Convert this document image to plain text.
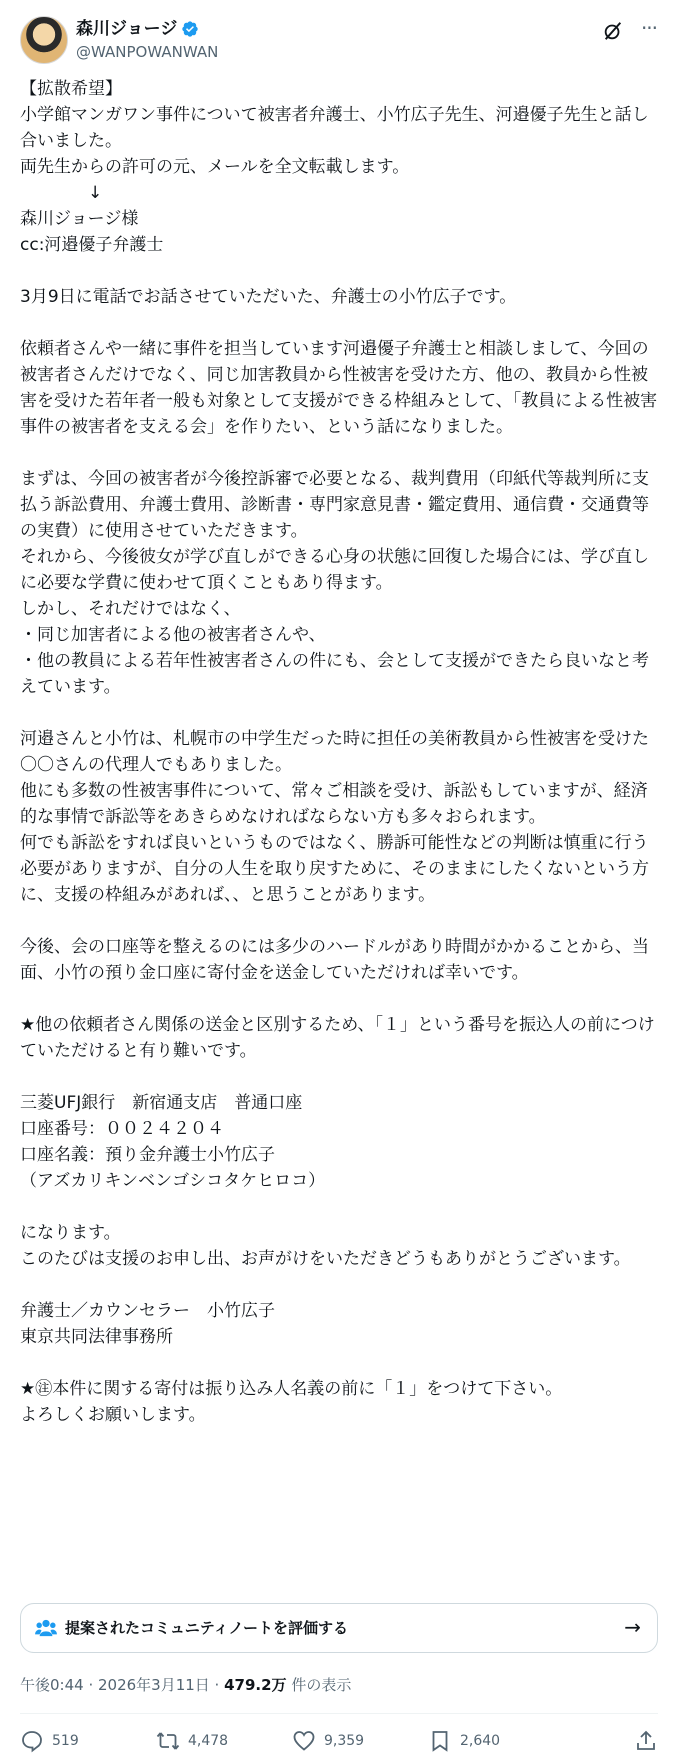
森川ジョージ
@WANPOWANWAN
···
【拡散希望】
小学館マンガワン事件について被害者弁護士、小竹広子先生、河邉優子先生と話し合いました。
両先生からの許可の元、メールを全文転載します。
　　　　↓
森川ジョージ様
cc:河邉優子弁護士

3月9日に電話でお話させていただいた、弁護士の小竹広子です。

依頼者さんや一緒に事件を担当しています河邉優子弁護士と相談しまして、今回の被害者さんだけでなく、同じ加害教員から性被害を受けた方、他の、教員から性被害を受けた若年者一般も対象として支援ができる枠組みとして、「教員による性被害事件の被害者を支える会」を作りたい、という話になりました。

まずは、今回の被害者が今後控訴審で必要となる、裁判費用（印紙代等裁判所に支払う訴訟費用、弁護士費用、診断書・専門家意見書・鑑定費用、通信費・交通費等の実費）に使用させていただきます。
それから、今後彼女が学び直しができる心身の状態に回復した場合には、学び直しに必要な学費に使わせて頂くこともあり得ます。
しかし、それだけではなく、
・同じ加害者による他の被害者さんや、
・他の教員による若年性被害者さんの件にも、会として支援ができたら良いなと考えています。

河邉さんと小竹は、札幌市の中学生だった時に担任の美術教員から性被害を受けた〇〇さんの代理人でもありました。
他にも多数の性被害事件について、常々ご相談を受け、訴訟もしていますが、経済的な事情で訴訟等をあきらめなければならない方も多々おられます。
何でも訴訟をすれば良いというものではなく、勝訴可能性などの判断は慎重に行う必要がありますが、自分の人生を取り戻すために、そのままにしたくないという方に、支援の枠組みがあれば、、と思うことがあります。

今後、会の口座等を整えるのには多少のハードルがあり時間がかかることから、当面、小竹の預り金口座に寄付金を送金していただければ幸いです。

★他の依頼者さん関係の送金と区別するため、「１」という番号を振込人の前につけていただけると有り難いです。

三菱UFJ銀行　新宿通支店　普通口座
口座番号：００２４２０４
口座名義：預り金弁護士小竹広子
（アズカリキンベンゴシコタケヒロコ）

になります。
このたびは支援のお申し出、お声がけをいただきどうもありがとうございます。

弁護士／カウンセラー　小竹広子
東京共同法律事務所

★㊟本件に関する寄付は振り込み人名義の前に「１」をつけて下さい。
よろしくお願いします。
提案されたコミュニティノートを評価する	→
午後0:44 · 2026年3月11日 · 479.2万 件の表示
519	4,478	9,359	2,640
